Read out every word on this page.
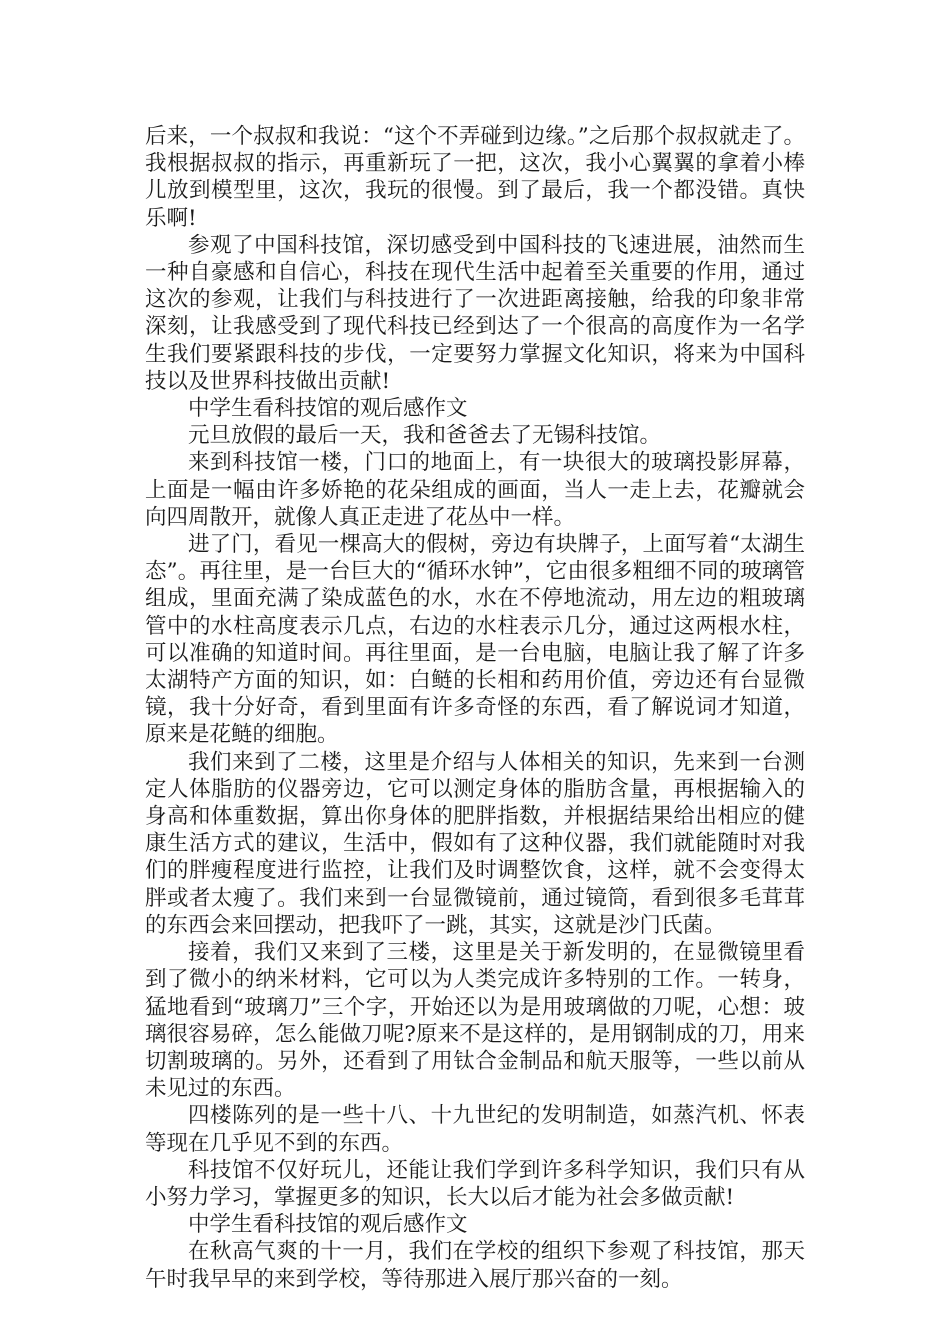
后来，一个叔叔和我说：“这个不弄碰到边缘。”之后那个叔叔就走了。我根据叔叔的指示，再重新玩了一把，这次，我小心翼翼的拿着小棒儿放到模型里，这次，我玩的很慢。到了最后，我一个都没错。真快乐啊!

参观了中国科技馆，深切感受到中国科技的飞速进展，油然而生一种自豪感和自信心，科技在现代生活中起着至关重要的作用，通过这次的参观，让我们与科技进行了一次进距离接触，给我的印象非常深刻，让我感受到了现代科技已经到达了一个很高的高度作为一名学生我们要紧跟科技的步伐，一定要努力掌握文化知识，将来为中国科技以及世界科技做出贡献!

中学生看科技馆的观后感作文

元旦放假的最后一天，我和爸爸去了无锡科技馆。

来到科技馆一楼，门口的地面上，有一块很大的玻璃投影屏幕，上面是一幅由许多娇艳的花朵组成的画面，当人一走上去，花瓣就会向四周散开，就像人真正走进了花丛中一样。

进了门，看见一棵高大的假树，旁边有块牌子，上面写着“太湖生态”。再往里，是一台巨大的“循环水钟”，它由很多粗细不同的玻璃管组成，里面充满了染成蓝色的水，水在不停地流动，用左边的粗玻璃管中的水柱高度表示几点，右边的水柱表示几分，通过这两根水柱，可以准确的知道时间。再往里面，是一台电脑，电脑让我了解了许多太湖特产方面的知识，如：白鲢的长相和药用价值，旁边还有台显微镜，我十分好奇，看到里面有许多奇怪的东西，看了解说词才知道，原来是花鲢的细胞。

我们来到了二楼，这里是介绍与人体相关的知识，先来到一台测定人体脂肪的仪器旁边，它可以测定身体的脂肪含量，再根据输入的身高和体重数据，算出你身体的肥胖指数，并根据结果给出相应的健康生活方式的建议，生活中，假如有了这种仪器，我们就能随时对我们的胖瘦程度进行监控，让我们及时调整饮食，这样，就不会变得太胖或者太瘦了。我们来到一台显微镜前，通过镜筒，看到很多毛茸茸的东西会来回摆动，把我吓了一跳，其实，这就是沙门氏菌。

接着，我们又来到了三楼，这里是关于新发明的，在显微镜里看到了微小的纳米材料，它可以为人类完成许多特别的工作。一转身，猛地看到“玻璃刀”三个字，开始还以为是用玻璃做的刀呢，心想：玻璃很容易碎，怎么能做刀呢?原来不是这样的，是用钢制成的刀，用来切割玻璃的。另外，还看到了用钛合金制品和航天服等，一些以前从未见过的东西。

四楼陈列的是一些十八、十九世纪的发明制造，如蒸汽机、怀表等现在几乎见不到的东西。

科技馆不仅好玩儿，还能让我们学到许多科学知识，我们只有从小努力学习，掌握更多的知识，长大以后才能为社会多做贡献!

中学生看科技馆的观后感作文

在秋高气爽的十一月，我们在学校的组织下参观了科技馆，那天午时我早早的来到学校，等待那进入展厅那兴奋的一刻。
